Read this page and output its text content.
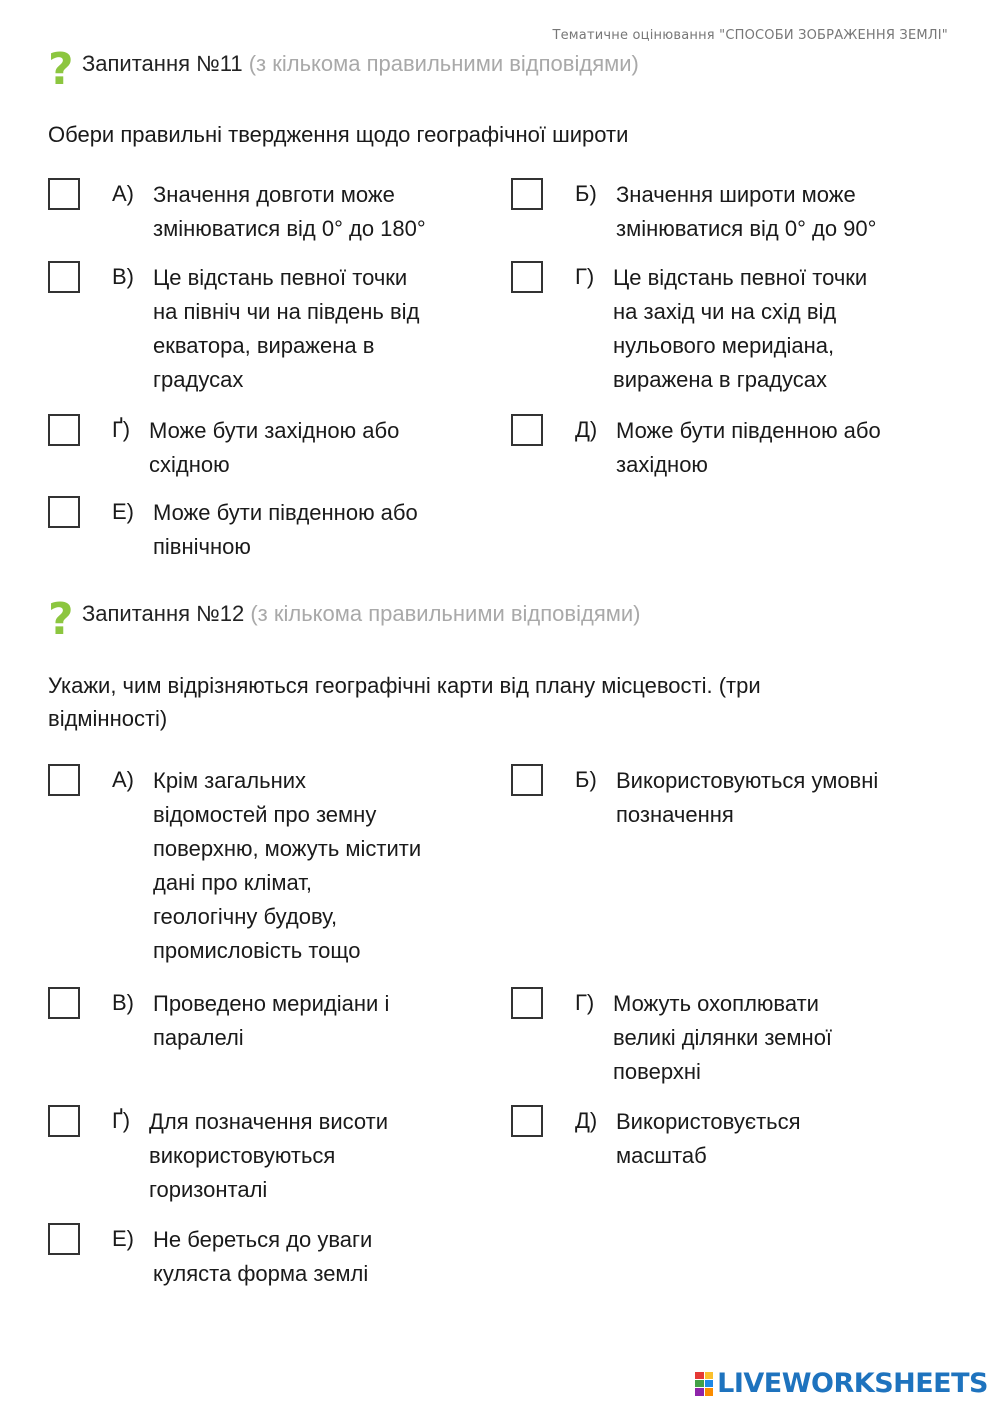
Тематичне оцінювання "СПОСОБИ ЗОБРАЖЕННЯ ЗЕМЛІ"
? Запитання №11 (з кількома правильними відповідями)
Обери правильні твердження щодо географічної широти
А) Значення довготи може
змінюватися від 0° до 180°
Б) Значення широти може
змінюватися від 0° до 90°
В) Це відстань певної точки
на північ чи на південь від
екватора, виражена в
градусах
Г) Це відстань певної точки
на захід чи на схід від
нульового меридіана,
виражена в градусах
Ґ) Може бути західною або
східною
Д) Може бути південною або
західною
Е) Може бути південною або
північною
? Запитання №12 (з кількома правильними відповідями)
Укажи, чим відрізняються географічні карти від плану місцевості. (три відмінності)
А) Крім загальних
відомостей про земну
поверхню, можуть містити
дані про клімат,
геологічну будову,
промисловість тощо
Б) Використовуються умовні
позначення
В) Проведено меридіани і
паралелі
Г) Можуть охоплювати
великі ділянки земної
поверхні
Ґ) Для позначення висоти
використовуються
горизонталі
Д) Використовується
масштаб
Е) Не береться до уваги
куляста форма землі
LIVEWORKSHEETS
